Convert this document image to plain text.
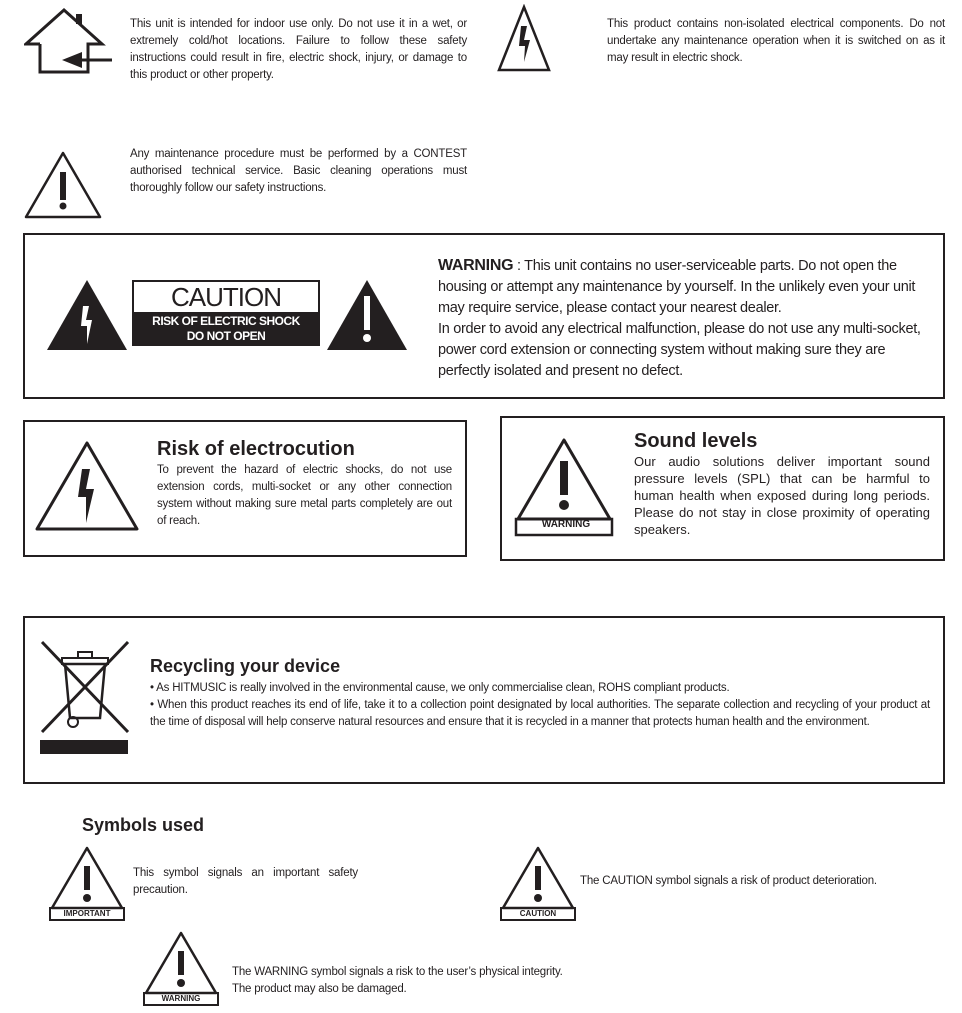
This unit is intended for indoor use only. Do not use it in a wet, or extremely cold/hot locations. Failure to follow these safety instructions could result in fire, electric shock, injury, or damage to this product or other property.
This product contains non-isolated electrical components. Do not undertake any maintenance operation when it is switched on as it may result in electric shock.
Any maintenance procedure must be performed by a CONTEST authorised technical service. Basic cleaning operations must thoroughly follow our safety instructions.
CAUTION
RISK OF ELECTRIC SHOCK
DO NOT OPEN
WARNING : This unit contains no user-serviceable parts. Do not open the housing or attempt any maintenance by yourself. In the unlikely even your unit may require service, please contact your nearest dealer.
In order to avoid any electrical malfunction, please do not use any multi-socket, power cord extension or connecting system without making sure they are perfectly isolated and present no defect.
Risk of electrocution
To prevent the hazard of electric shocks, do not use extension cords, multi-socket or any other connection system without making sure metal parts completely are out of reach.	WARNING
Sound levels
Our audio solutions deliver important sound pressure levels (SPL) that can be harmful to human health when exposed during long periods. Please do not stay in close proximity of operating speakers.
Recycling your device
• As HITMUSIC is really involved in the environmental cause, we only commercialise clean, ROHS compliant products.
• When this product reaches its end of life, take it to a collection point designated by local authorities. The separate collection and recycling of your product at the time of disposal will help conserve natural resources and ensure that it is recycled in a manner that protects human health and the environment.
Symbols used
IMPORTANT
This symbol signals an important safety precaution.
CAUTION
The CAUTION symbol signals a risk of product deterioration.
WARNING
The WARNING symbol signals a risk to the user’s physical integrity.
The product may also be damaged.
